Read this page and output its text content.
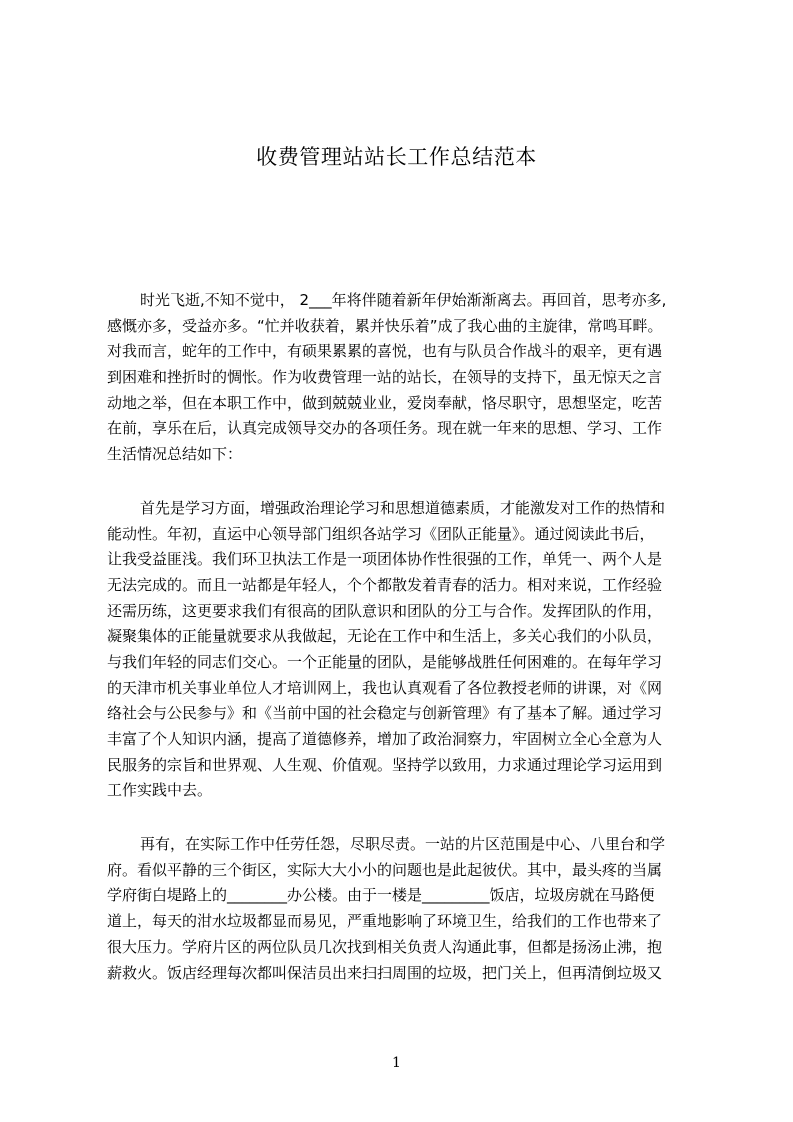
收费管理站站长工作总结范本
时光飞逝,不知不觉中， 2___年将伴随着新年伊始渐渐离去。再回首，思考亦多,
感慨亦多，受益亦多。“忙并收获着，累并快乐着”成了我心曲的主旋律，常鸣耳畔。
对我而言，蛇年的工作中，有硕果累累的喜悦，也有与队员合作战斗的艰辛，更有遇
到困难和挫折时的惆怅。作为收费管理一站的站长，在领导的支持下，虽无惊天之言
动地之举，但在本职工作中，做到兢兢业业，爱岗奉献，恪尽职守，思想坚定，吃苦
在前，享乐在后，认真完成领导交办的各项任务。现在就一年来的思想、学习、工作
生活情况总结如下：
首先是学习方面，增强政治理论学习和思想道德素质，才能激发对工作的热情和
能动性。年初，直运中心领导部门组织各站学习《团队正能量》。通过阅读此书后，
让我受益匪浅。我们环卫执法工作是一项团体协作性很强的工作，单凭一、两个人是
无法完成的。而且一站都是年轻人，个个都散发着青春的活力。相对来说，工作经验
还需历练，这更要求我们有很高的团队意识和团队的分工与合作。发挥团队的作用，
凝聚集体的正能量就要求从我做起，无论在工作中和生活上，多关心我们的小队员，
与我们年轻的同志们交心。一个正能量的团队，是能够战胜任何困难的。在每年学习
的天津市机关事业单位人才培训网上，我也认真观看了各位教授老师的讲课，对《网
络社会与公民参与》和《当前中国的社会稳定与创新管理》有了基本了解。通过学习
丰富了个人知识内涵，提高了道德修养，增加了政治洞察力，牢固树立全心全意为人
民服务的宗旨和世界观、人生观、价值观。坚持学以致用，力求通过理论学习运用到
工作实践中去。
再有，在实际工作中任劳任怨，尽职尽责。一站的片区范围是中心、八里台和学
府。看似平静的三个街区，实际大大小小的问题也是此起彼伏。其中，最头疼的当属
学府街白堤路上的________办公楼。由于一楼是_________饭店，垃圾房就在马路便
道上，每天的泔水垃圾都显而易见，严重地影响了环境卫生，给我们的工作也带来了
很大压力。学府片区的两位队员几次找到相关负责人沟通此事，但都是扬汤止沸，抱
薪救火。饭店经理每次都叫保洁员出来扫扫周围的垃圾，把门关上，但再清倒垃圾又
1
